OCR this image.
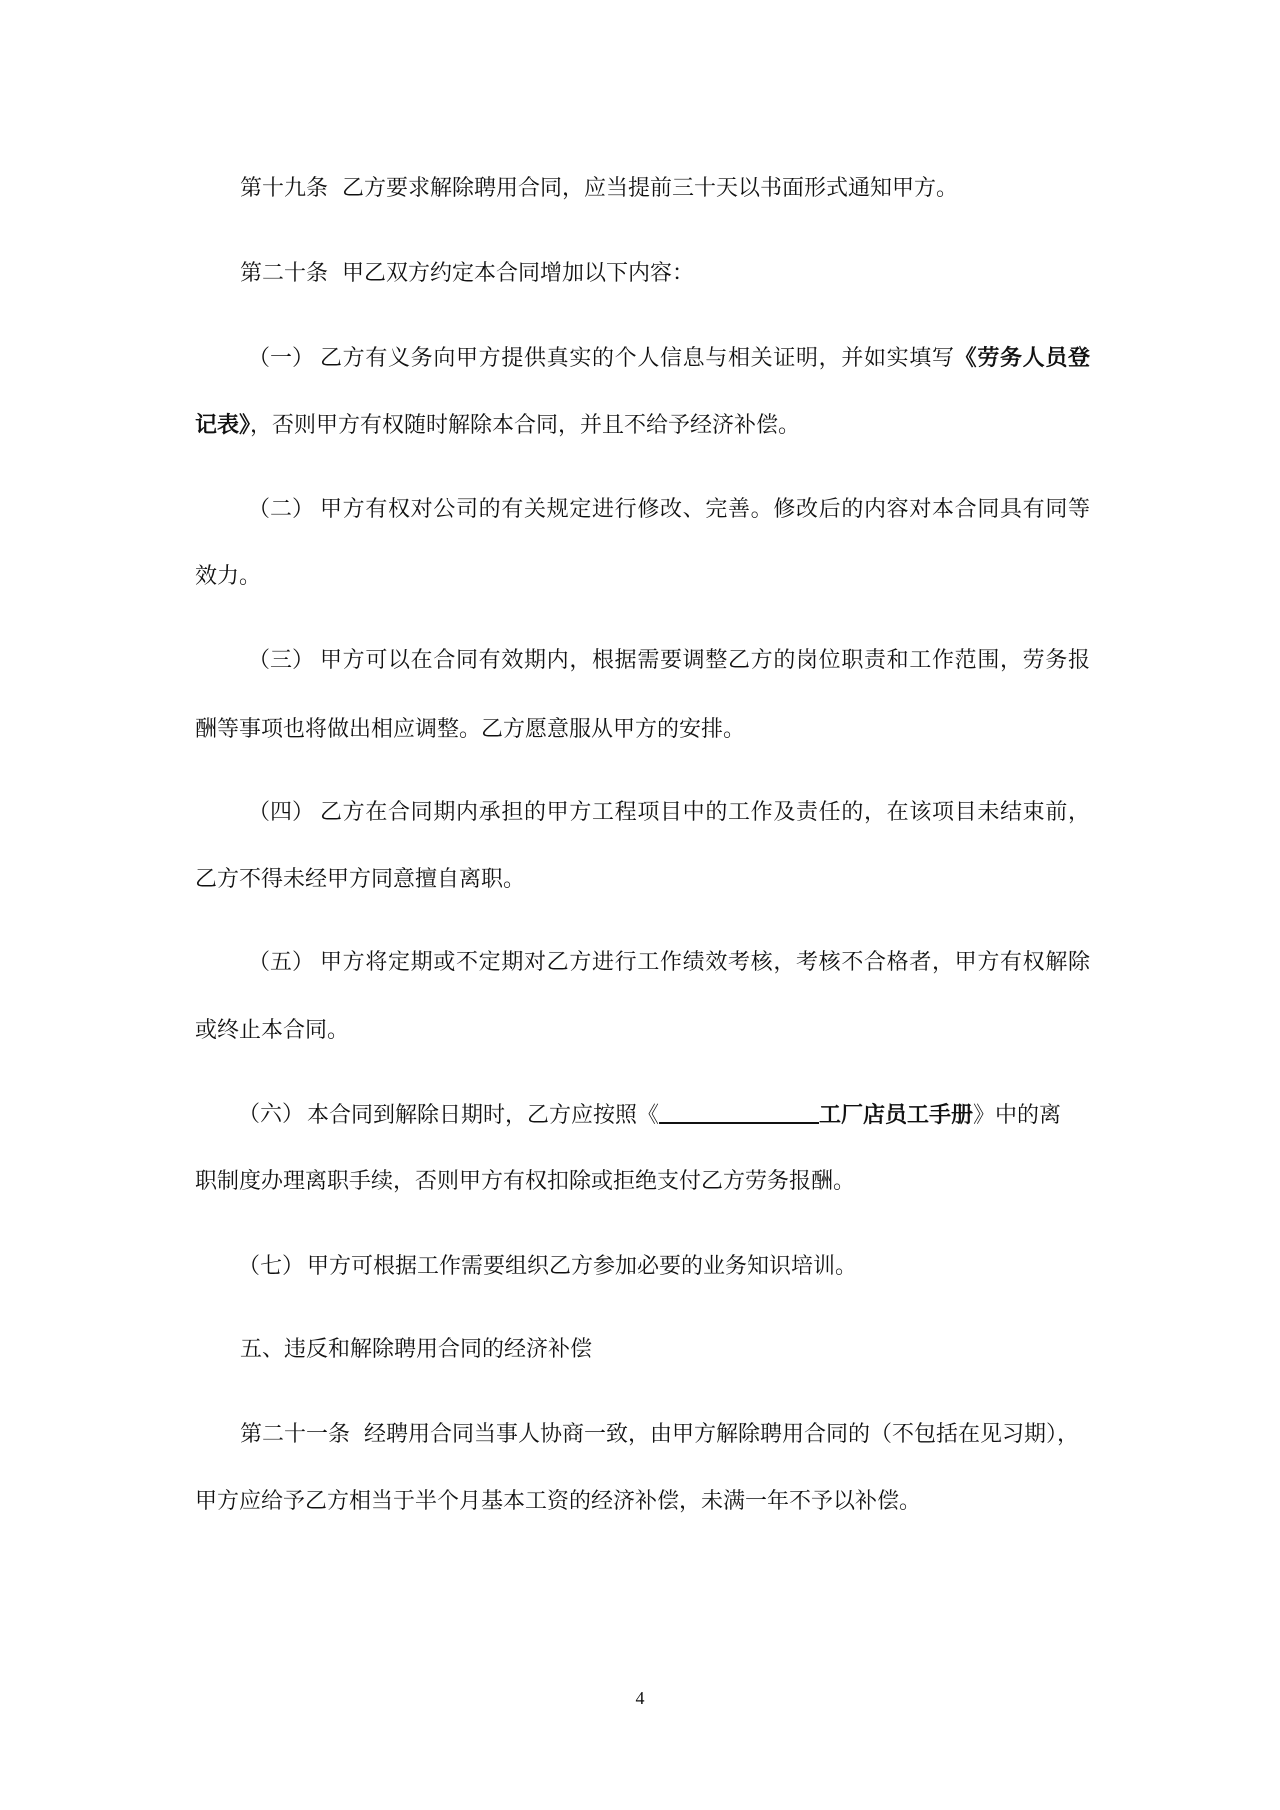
第十九条 乙方要求解除聘用合同，应当提前三十天以书面形式通知甲方。
第二十条 甲乙双方约定本合同增加以下内容：
（一） 乙方有义务向甲方提供真实的个人信息与相关证明，并如实填写《劳务人员登
记表》，否则甲方有权随时解除本合同，并且不给予经济补偿。
（二） 甲方有权对公司的有关规定进行修改、完善。修改后的内容对本合同具有同等
效力。
（三） 甲方可以在合同有效期内，根据需要调整乙方的岗位职责和工作范围，劳务报
酬等事项也将做出相应调整。乙方愿意服从甲方的安排。
（四） 乙方在合同期内承担的甲方工程项目中的工作及责任的，在该项目未结束前，
乙方不得未经甲方同意擅自离职。
（五） 甲方将定期或不定期对乙方进行工作绩效考核，考核不合格者，甲方有权解除
或终止本合同。
（六） 本合同到解除日期时，乙方应按照《	工厂店员工手册》中的离
职制度办理离职手续，否则甲方有权扣除或拒绝支付乙方劳务报酬。
（七） 甲方可根据工作需要组织乙方参加必要的业务知识培训。
五、违反和解除聘用合同的经济补偿
第二十一条 经聘用合同当事人协商一致，由甲方解除聘用合同的（不包括在见习期），
甲方应给予乙方相当于半个月基本工资的经济补偿，未满一年不予以补偿。
4
